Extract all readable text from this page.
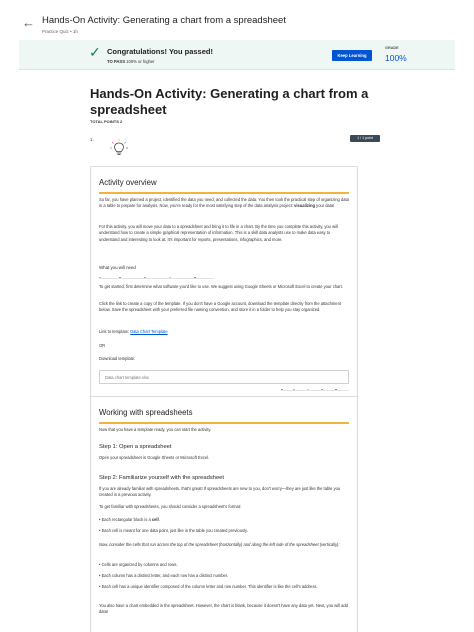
← Hands-On Activity: Generating a chart from a spreadsheet
Practice Quiz • 1h
✓ Congratulations! You passed!
TO PASS 100% or higher
Keep Learning
GRADE
100%
Hands-On Activity: Generating a chart from a spreadsheet
TOTAL POINTS 2
1.	1 / 1 point
Activity overview
So far, you have planned a project, identified the data you need, and collected the data. You then took the practical step of organizing data in a table to prepare for analysis. Now, you're ready for the most satisfying step of the data analysis project: visualizing your data!
For this activity, you will move your data to a spreadsheet and bring it to life in a chart. By the time you complete this activity, you will understand how to create a simple graphical representation of information. This is a skill data analysts use to make data easy to understand and interesting to look at. It's important for reports, presentations, infographics, and more.
What you will need
To get started, first determine what software you'd like to use. We suggest using Google Sheets or Microsoft Excel to create your chart.
Click the link to create a copy of the template. If you don't have a Google account, download the template directly from the attachment below. Save the spreadsheet with your preferred file naming convention, and store it in a folder to help you stay organized.
Link to template: Data Chart Template
OR
Download template:
Data chart template.xlsx
Working with spreadsheets
Now that you have a template ready, you can start the activity.
Step 1: Open a spreadsheet
Open your spreadsheet in Google Sheets or Microsoft Excel.
Step 2: Familiarize yourself with the spreadsheet
If you are already familiar with spreadsheets, that's great! If spreadsheets are new to you, don't worry—they are just like the table you created in a previous activity.
To get familiar with spreadsheets, you should consider a spreadsheet's format:
• Each rectangular block is a cell.
• Each cell is meant for one data point, just like in the table you created previously.
Now, consider the cells that run across the top of the spreadsheet (horizontally) and along the left side of the spreadsheet (vertically):
• Cells are organized by columns and rows.
• Each column has a distinct letter, and each row has a distinct number.
• Each cell has a unique identifier composed of the column letter and row number. This identifier is like the cell's address.
You also have a chart embedded in the spreadsheet. However, the chart is blank, because it doesn't have any data yet. Next, you will add data!
